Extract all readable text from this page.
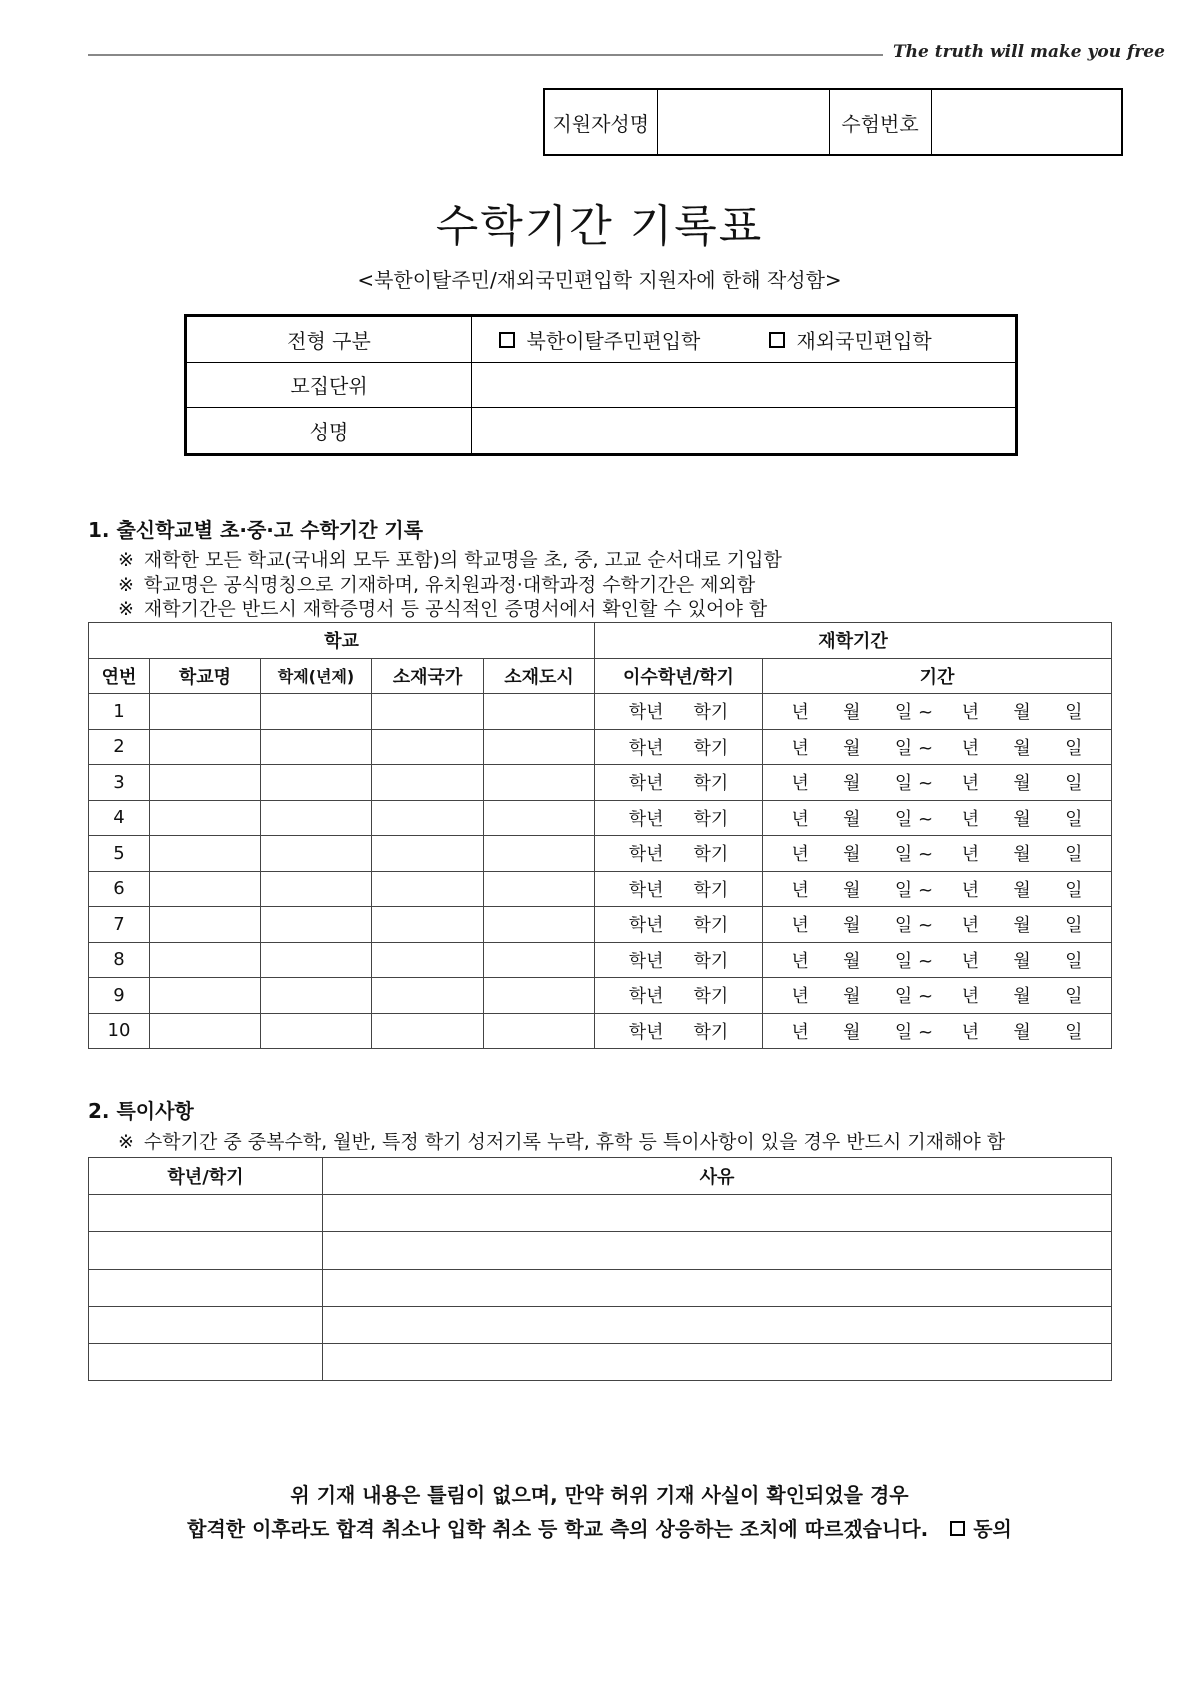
The truth will make you free
지원자성명		수험번호	
수학기간 기록표
<북한이탈주민/재외국민편입학 지원자에 한해 작성함>
전형 구분	북한이탈주민편입학 재외국민편입학
모집단위	
성명	
1. 출신학교별 초·중·고 수학기간 기록
※ 재학한 모든 학교(국내외 모두 포함)의 학교명을 초, 중, 고교 순서대로 기입함
※ 학교명은 공식명칭으로 기재하며, 유치원과정·대학과정 수학기간은 제외함
※ 재학기간은 반드시 재학증명서 등 공식적인 증명서에서 확인할 수 있어야 함
학교					재학기간	
연번	학교명	학제(년제)	소재국가	소재도시	이수학년/학기	기간
1					학년 학기	년      월      일 ~     년      월      일
2					학년 학기	년      월      일 ~     년      월      일
3					학년 학기	년      월      일 ~     년      월      일
4					학년 학기	년      월      일 ~     년      월      일
5					학년 학기	년      월      일 ~     년      월      일
6					학년 학기	년      월      일 ~     년      월      일
7					학년 학기	년      월      일 ~     년      월      일
8					학년 학기	년      월      일 ~     년      월      일
9					학년 학기	년      월      일 ~     년      월      일
10					학년 학기	년      월      일 ~     년      월      일
2. 특이사항
※ 수학기간 중 중복수학, 월반, 특정 학기 성저기록 누락, 휴학 등 특이사항이 있을 경우 반드시 기재해야 함
학년/학기	사유

위 기재 내용은 틀림이 없으며, 만약 허위 기재 사실이 확인되었을 경우
합격한 이후라도 합격 취소나 입학 취소 등 학교 측의 상응하는 조치에 따르겠습니다. 동의
